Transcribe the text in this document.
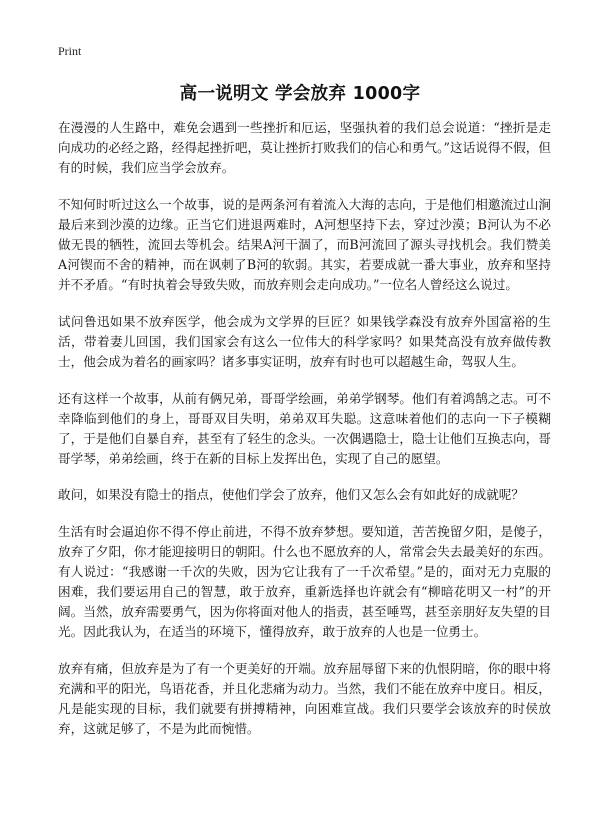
Print
高一说明文 学会放弃 1000字

在漫漫的人生路中，难免会遇到一些挫折和厄运，坚强执着的我们总会说道：“挫折是走向成功的必经之路，经得起挫折吧，莫让挫折打败我们的信心和勇气。”这话说得不假，但有的时候，我们应当学会放弃。

不知何时听过这么一个故事，说的是两条河有着流入大海的志向，于是他们相邀流过山涧最后来到沙漠的边缘。正当它们进退两难时，A河想坚持下去，穿过沙漠；B河认为不必做无畏的牺牲，流回去等机会。结果A河干涸了，而B河流回了源头寻找机会。我们赞美A河锲而不舍的精神，而在讽刺了B河的软弱。其实，若要成就一番大事业，放弃和坚持并不矛盾。“有时执着会导致失败，而放弃则会走向成功。”一位名人曾经这么说过。

试问鲁迅如果不放弃医学，他会成为文学界的巨匠？如果钱学森没有放弃外国富裕的生活，带着妻儿回国，我们国家会有这么一位伟大的科学家吗？如果梵高没有放弃做传教士，他会成为着名的画家吗？诸多事实证明，放弃有时也可以超越生命，驾驭人生。

还有这样一个故事，从前有俩兄弟，哥哥学绘画，弟弟学钢琴。他们有着鸿鹄之志。可不幸降临到他们的身上，哥哥双目失明，弟弟双耳失聪。这意味着他们的志向一下子模糊了，于是他们自暴自弃，甚至有了轻生的念头。一次偶遇隐士，隐士让他们互换志向，哥哥学琴，弟弟绘画，终于在新的目标上发挥出色，实现了自己的愿望。

敢问，如果没有隐士的指点，使他们学会了放弃，他们又怎么会有如此好的成就呢？

生活有时会逼迫你不得不停止前进，不得不放弃梦想。要知道，苦苦挽留夕阳，是傻子，放弃了夕阳，你才能迎接明日的朝阳。什么也不愿放弃的人，常常会失去最美好的东西。有人说过：“我感谢一千次的失败，因为它让我有了一千次希望。”是的，面对无力克服的困难，我们要运用自己的智慧，敢于放弃，重新选择也许就会有“柳暗花明又一村”的开阔。当然，放弃需要勇气，因为你将面对他人的指责，甚至唾骂，甚至亲朋好友失望的目光。因此我认为，在适当的环境下，懂得放弃，敢于放弃的人也是一位勇士。

放弃有痛，但放弃是为了有一个更美好的开端。放弃屈辱留下来的仇恨阴暗，你的眼中将充满和平的阳光，鸟语花香，并且化悲痛为动力。当然，我们不能在放弃中度日。相反，凡是能实现的目标，我们就要有拼搏精神，向困难宣战。我们只要学会该放弃的时侯放弃，这就足够了，不是为此而惋惜。
